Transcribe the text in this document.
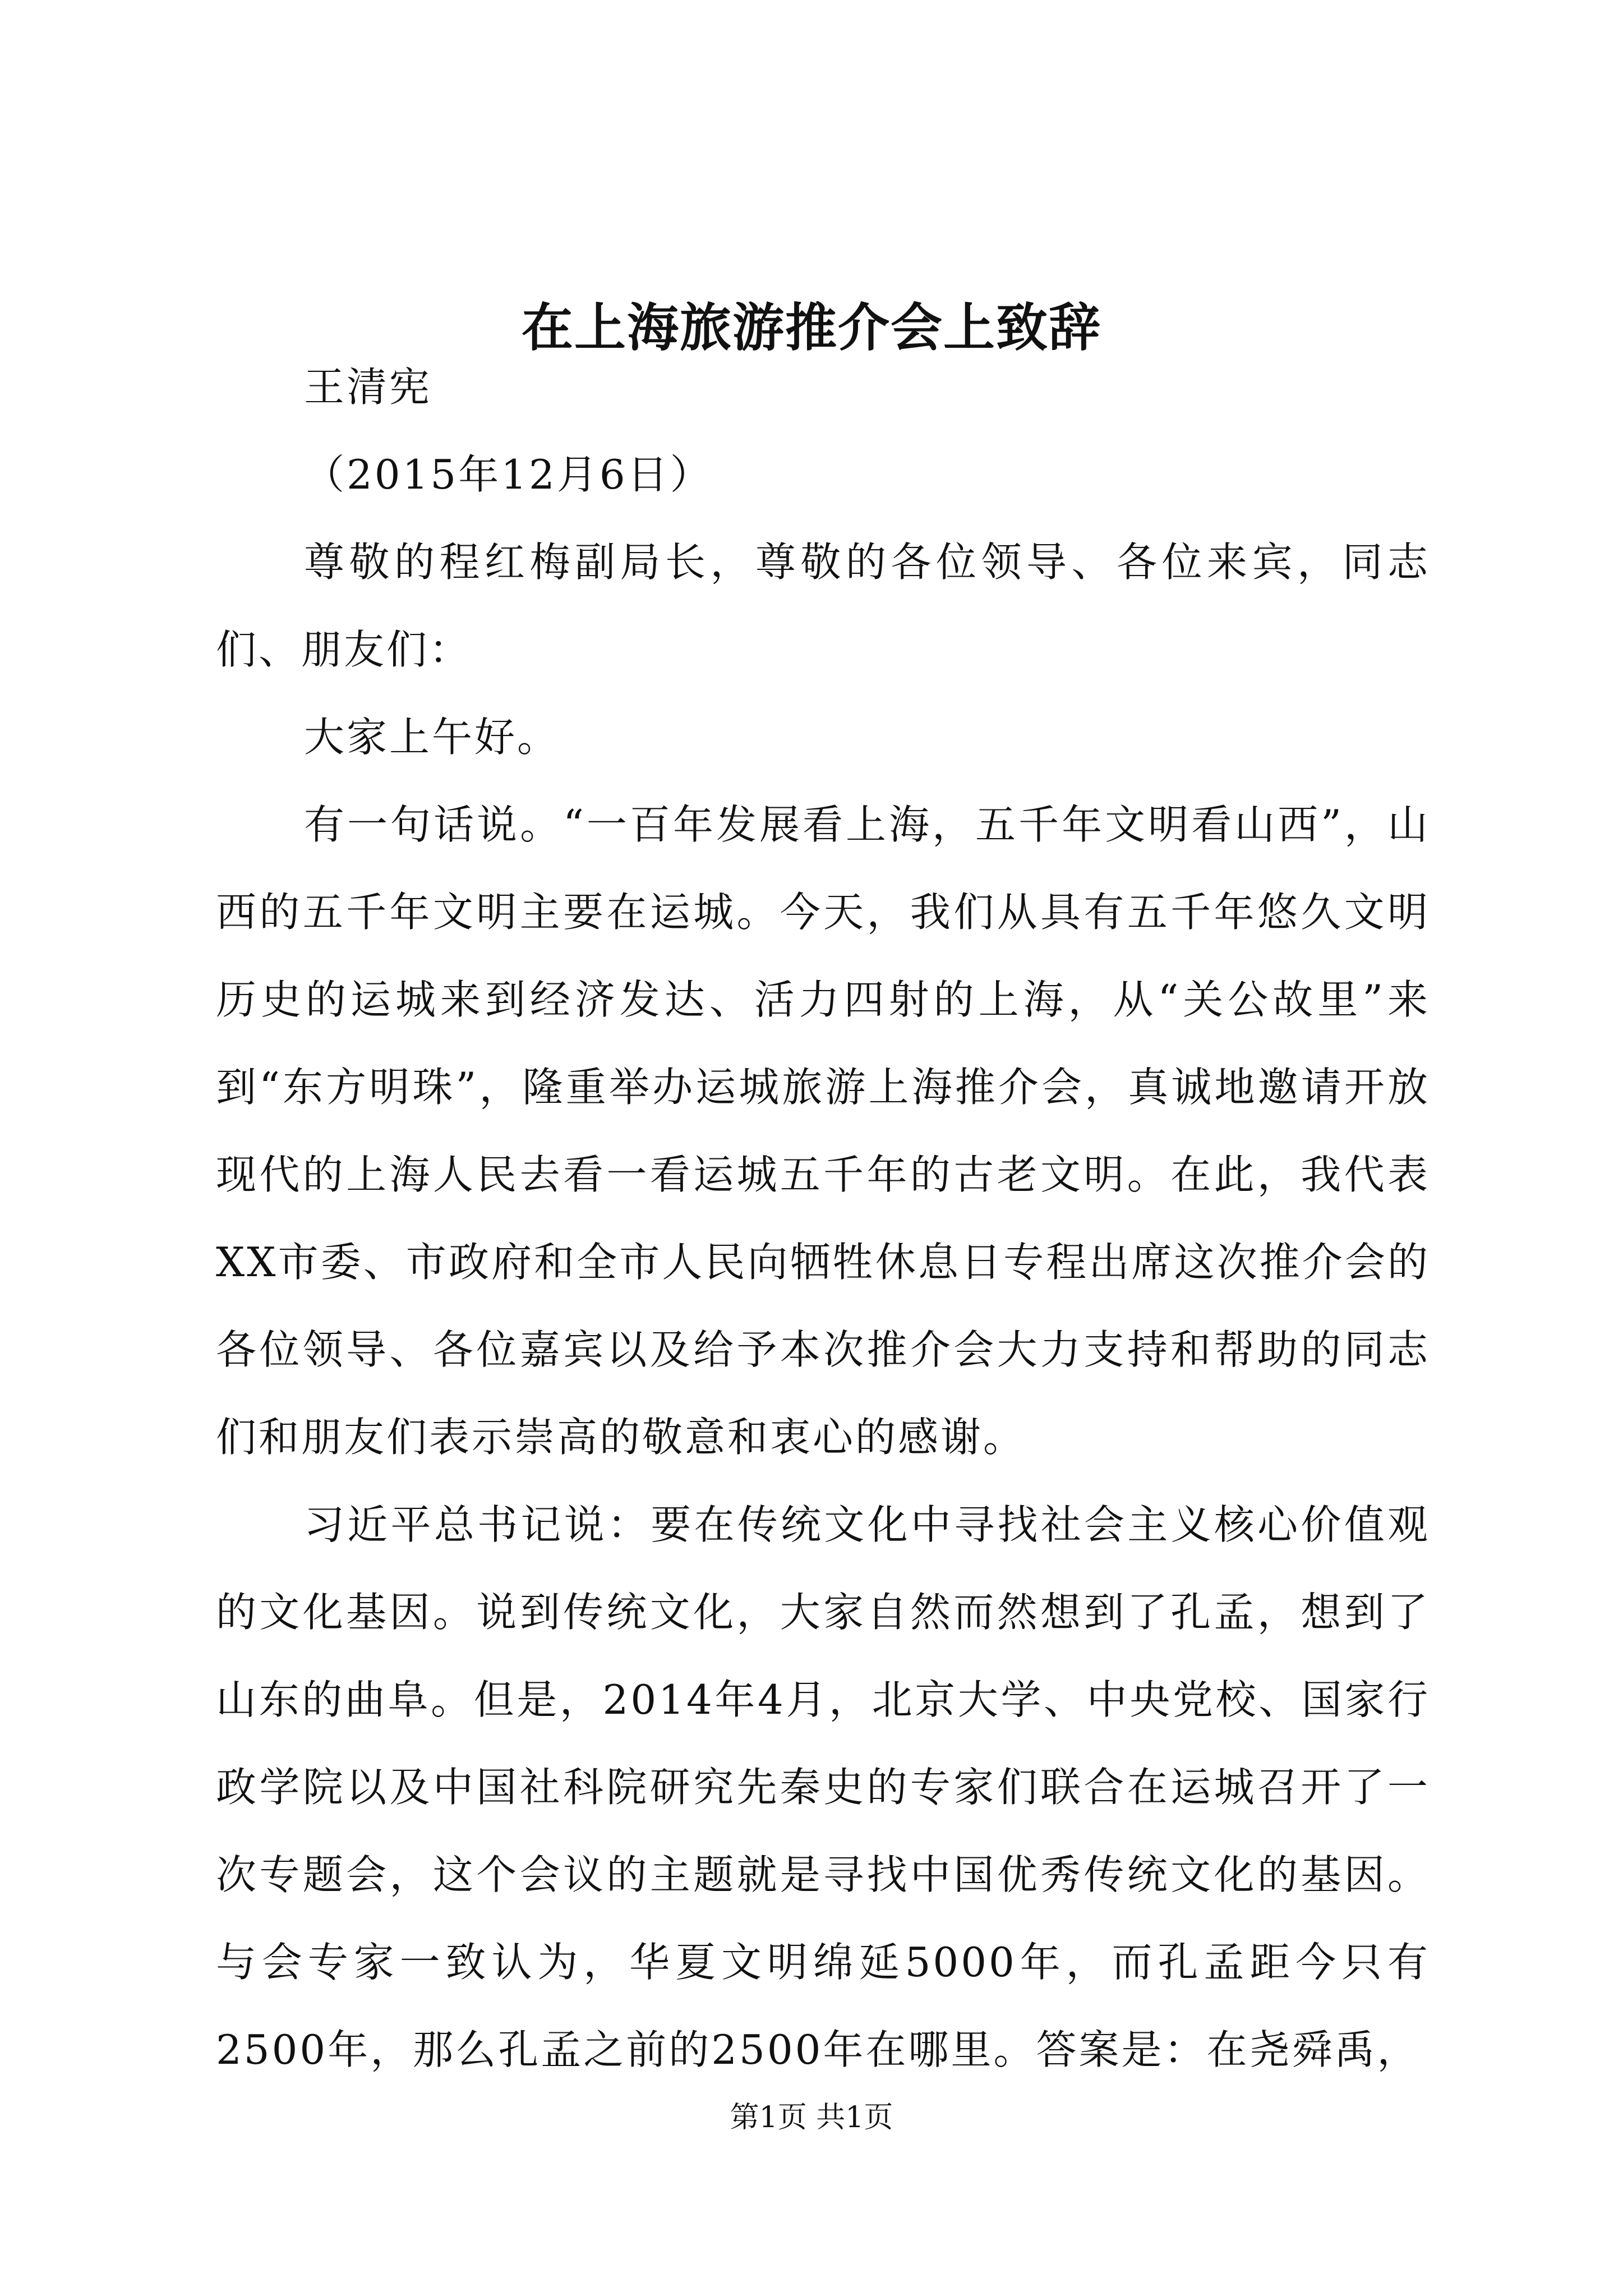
在上海旅游推介会上致辞

王清宪

（2015年12月6日）

尊敬的程红梅副局长，尊敬的各位领导、各位来宾，同志们、朋友们：

大家上午好。

有一句话说。“一百年发展看上海，五千年文明看山西”，山西的五千年文明主要在运城。今天，我们从具有五千年悠久文明历史的运城来到经济发达、活力四射的上海，从“关公故里”来到“东方明珠”，隆重举办运城旅游上海推介会，真诚地邀请开放现代的上海人民去看一看运城五千年的古老文明。在此，我代表XX市委、市政府和全市人民向牺牲休息日专程出席这次推介会的各位领导、各位嘉宾以及给予本次推介会大力支持和帮助的同志们和朋友们表示崇高的敬意和衷心的感谢。

习近平总书记说：要在传统文化中寻找社会主义核心价值观的文化基因。说到传统文化，大家自然而然想到了孔孟，想到了山东的曲阜。但是，2014年4月，北京大学、中央党校、国家行政学院以及中国社科院研究先秦史的专家们联合在运城召开了一次专题会，这个会议的主题就是寻找中国优秀传统文化的基因。与会专家一致认为，华夏文明绵延5000年，而孔孟距今只有2500年，那么孔孟之前的2500年在哪里。答案是：在尧舜禹，

第1页 共1页
